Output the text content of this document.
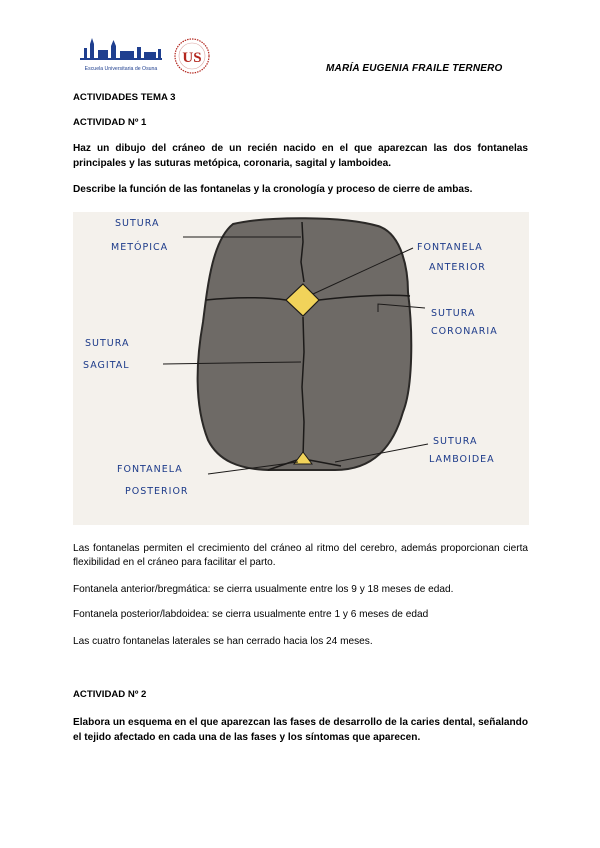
Escuela Universitaria de Osuna
US
MARÍA EUGENIA FRAILE TERNERO
ACTIVIDADES TEMA 3
ACTIVIDAD Nº 1
Haz un dibujo del cráneo de un recién nacido en el que aparezcan las dos fontanelas principales y las suturas metópica, coronaria, sagital y lamboidea.
Describe la función de las fontanelas y la cronología y proceso de cierre de ambas.
SUTURA
METÓPICA	FONTANELA
ANTERIOR
SUTURA
CORONARIA
SUTURA
SAGITAL
SUTURA
LAMBOIDEA
FONTANELA
POSTERIOR
Las fontanelas permiten el crecimiento del cráneo al ritmo del cerebro, además proporcionan cierta flexibilidad en el cráneo para facilitar el parto.
Fontanela anterior/bregmática: se cierra usualmente entre los 9 y 18 meses de edad.
Fontanela posterior/labdoidea: se cierra usualmente entre 1 y 6 meses de edad
Las cuatro fontanelas laterales se han cerrado hacia los 24 meses.
ACTIVIDAD Nº 2
Elabora un esquema en el que aparezcan las fases de desarrollo de la caries dental, señalando el tejido afectado en cada una de las fases y los síntomas que aparecen.
